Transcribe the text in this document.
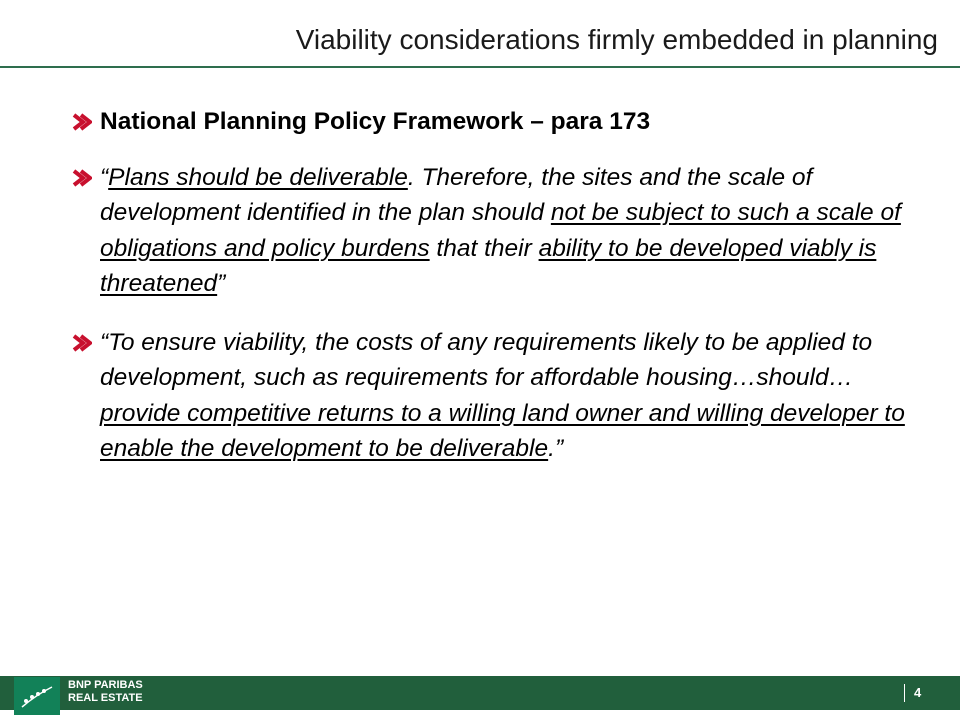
Viability considerations firmly embedded in planning
National Planning Policy Framework – para 173
“Plans should be deliverable. Therefore, the sites and the scale of development identified in the plan should not be subject to such a scale of obligations and policy burdens that their ability to be developed viably is threatened”
“To ensure viability, the costs of any requirements likely to be applied to development, such as requirements for affordable housing…should… provide competitive returns to a willing land owner and willing developer to enable the development to be deliverable.”
BNP PARIBAS
REAL ESTATE	4
